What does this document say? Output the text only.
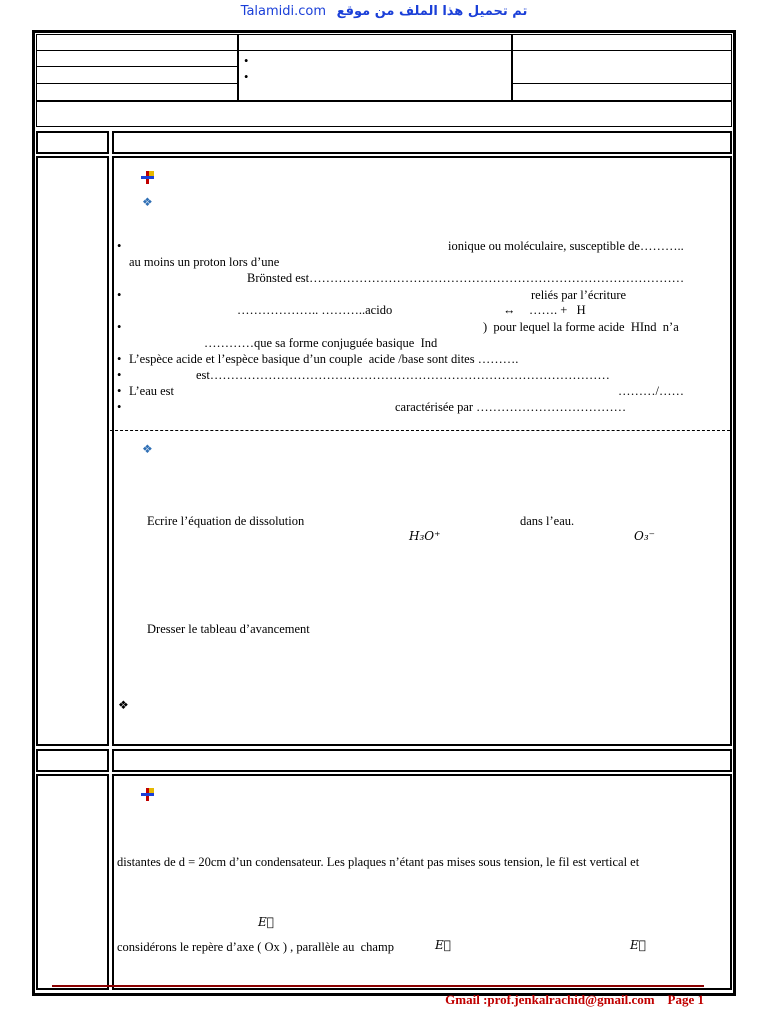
Talamidi.com تم تحميل هذا الملف من موقع
•
•
❖
•	ionique ou moléculaire, susceptible de………..
au moins un proton lors d’une
Brönsted est………………………………………………………………………………
•	reliés par l’écriture
……………….. ………..acido	↔ ……. +   H
•	)  pour lequel la forme acide  HInd  n’a
…………que sa forme conjuguée basique  Ind
• L’espèce acide et l’espèce basique d’un couple  acide /base sont dites ……….
•	est……………………………………………………………………………………
• L’eau est	………/……
•	caractérisée par ………………………………
❖
Ecrire l’équation de dissolution	dans l’eau.
H₃O⁺	O₃⁻
Dresser le tableau d’avancement
❖
distantes de d = 20cm d’un condensateur. Les plaques n’étant pas mises sous tension, le fil est vertical et
E⃗
considérons le repère d’axe ( Ox ) , parallèle au  champ	E⃗	E⃗
Gmail :prof.jenkalrachid@gmail.com    Page 1
